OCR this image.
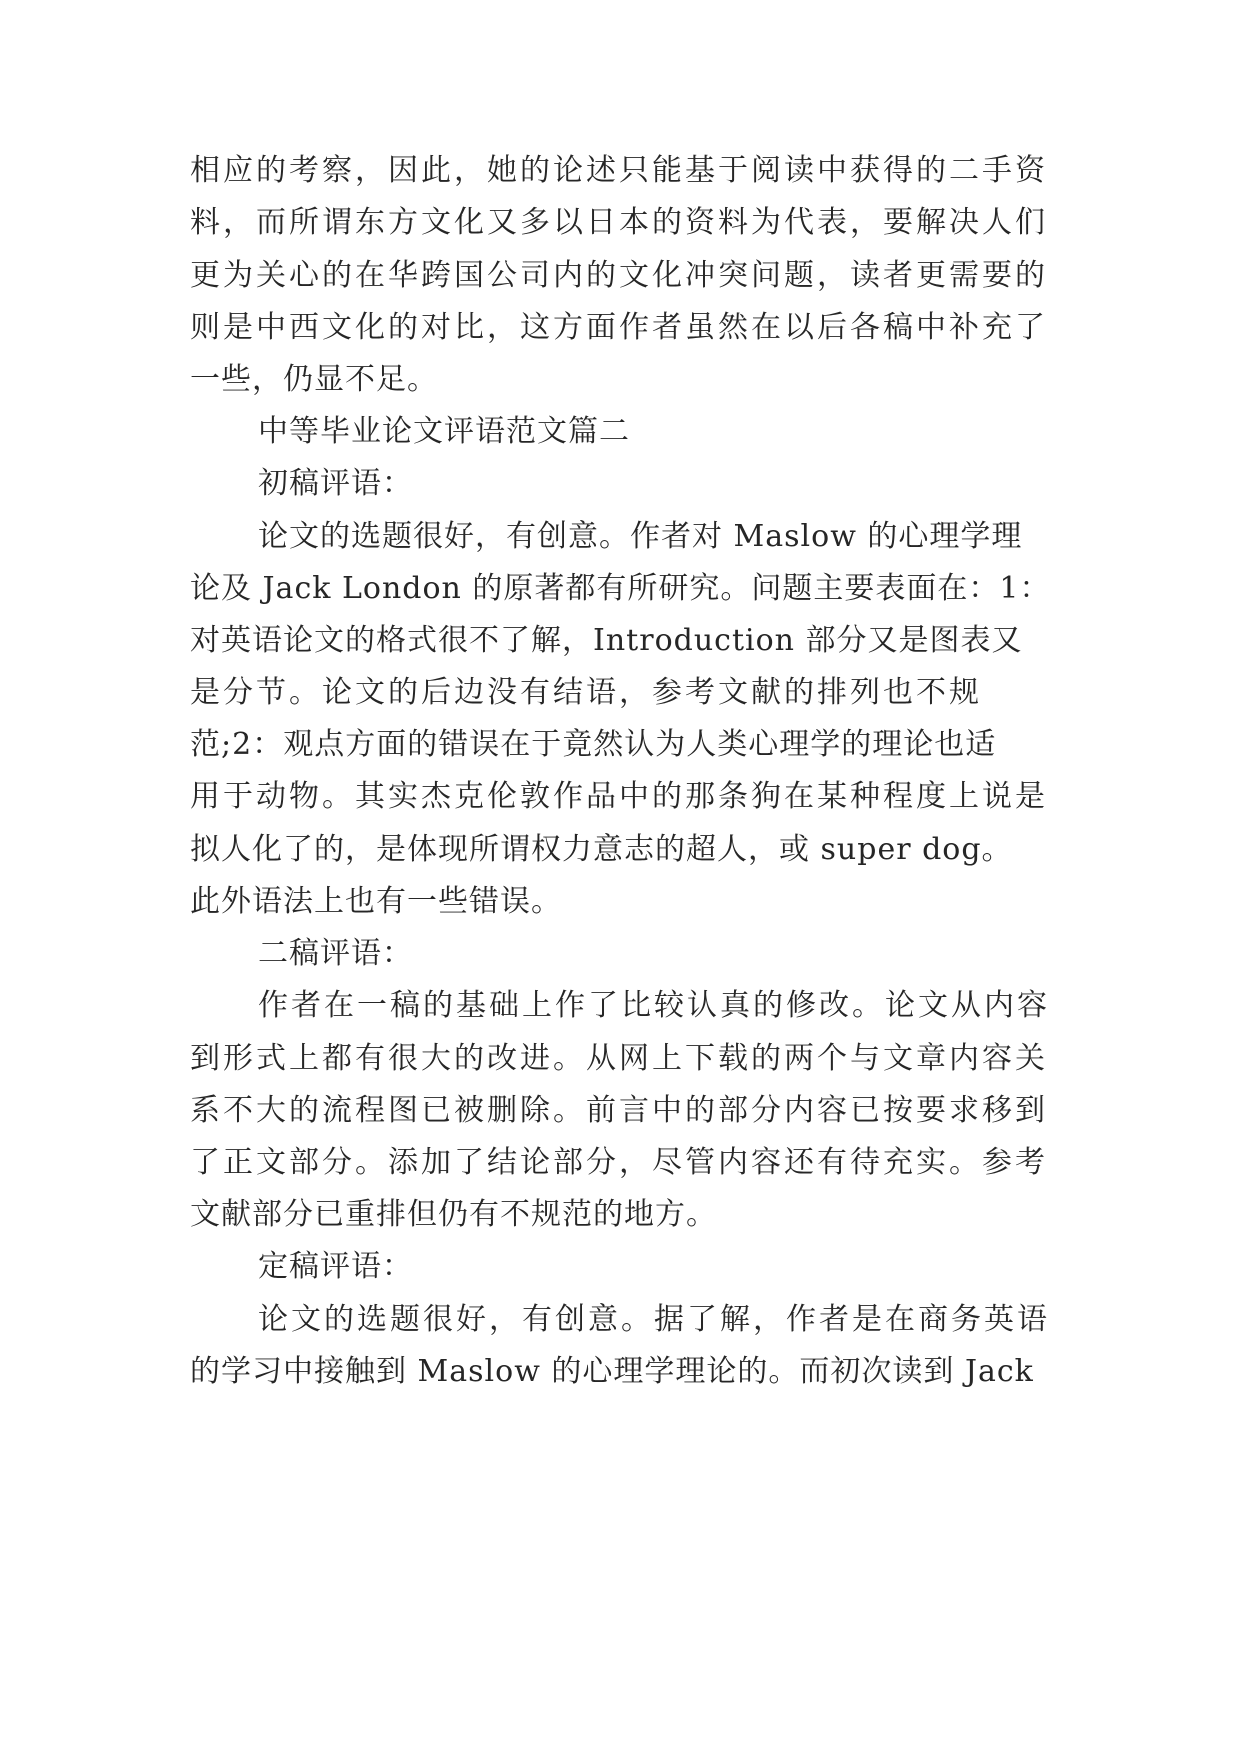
相应的考察，因此，她的论述只能基于阅读中获得的二手资
料，而所谓东方文化又多以日本的资料为代表，要解决人们
更为关心的在华跨国公司内的文化冲突问题，读者更需要的
则是中西文化的对比，这方面作者虽然在以后各稿中补充了
一些，仍显不足。
中等毕业论文评语范文篇二
初稿评语：
论文的选题很好，有创意。作者对 Maslow 的心理学理
论及 Jack London 的原著都有所研究。问题主要表面在：1：
对英语论文的格式很不了解，Introduction 部分又是图表又
是分节。论文的后边没有结语，参考文献的排列也不规
范;2：观点方面的错误在于竟然认为人类心理学的理论也适
用于动物。其实杰克伦敦作品中的那条狗在某种程度上说是
拟人化了的，是体现所谓权力意志的超人，或 super dog。
此外语法上也有一些错误。
二稿评语：
作者在一稿的基础上作了比较认真的修改。论文从内容
到形式上都有很大的改进。从网上下载的两个与文章内容关
系不大的流程图已被删除。前言中的部分内容已按要求移到
了正文部分。添加了结论部分，尽管内容还有待充实。参考
文献部分已重排但仍有不规范的地方。
定稿评语：
论文的选题很好，有创意。据了解，作者是在商务英语
的学习中接触到 Maslow 的心理学理论的。而初次读到 Jack
